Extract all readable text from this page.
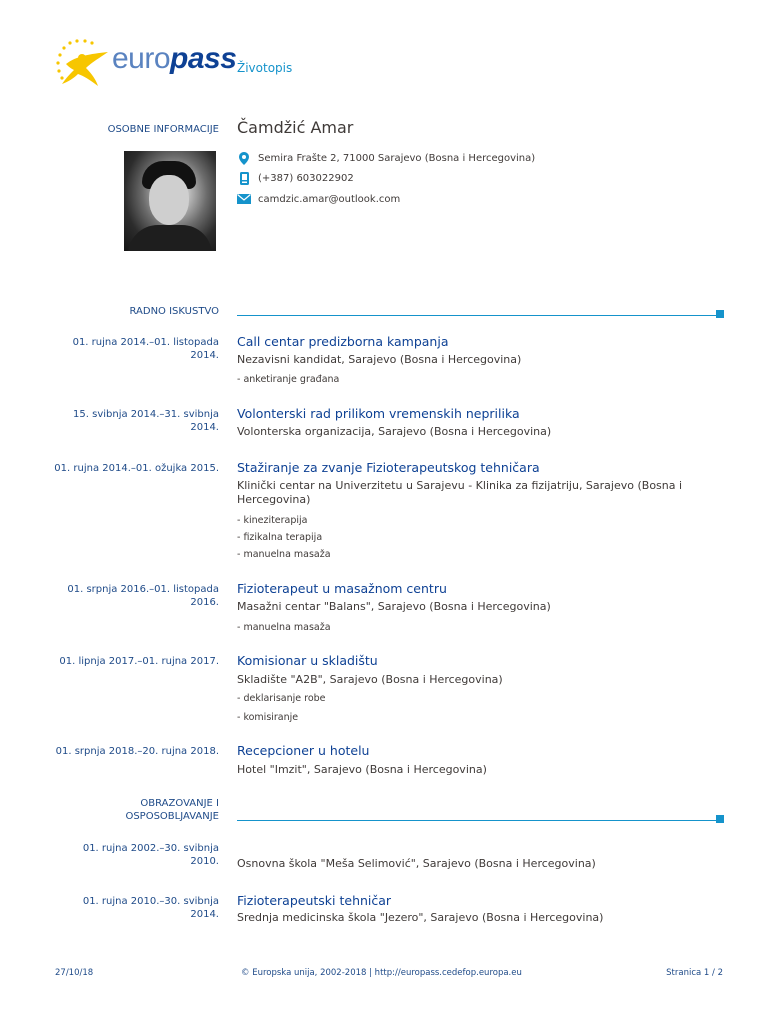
europass Životopis
OSOBNE INFORMACIJE Čamdžić Amar
Semira Frašte 2, 71000 Sarajevo (Bosna i Hercegovina)
(+387) 603022902
camdzic.amar@outlook.com
RADNO ISKUSTVO
01. rujna 2014.–01. listopada 2014.
Call centar predizborna kampanja
Nezavisni kandidat, Sarajevo (Bosna i Hercegovina)
- anketiranje građana
15. svibnja 2014.–31. svibnja 2014.
Volonterski rad prilikom vremenskih neprilika
Volonterska organizacija, Sarajevo (Bosna i Hercegovina)
01. rujna 2014.–01. ožujka 2015. Stažiranje za zvanje Fizioterapeutskog tehničara
Klinički centar na Univerzitetu u Sarajevu - Klinika za fizijatriju, Sarajevo (Bosna i Hercegovina)
- kineziterapija
- fizikalna terapija
- manuelna masaža
01. srpnja 2016.–01. listopada 2016.
Fizioterapeut u masažnom centru
Masažni centar "Balans", Sarajevo (Bosna i Hercegovina)
- manuelna masaža
01. lipnja 2017.–01. rujna 2017. Komisionar u skladištu
Skladište "A2B", Sarajevo (Bosna i Hercegovina)
- deklarisanje robe
- komisiranje
01. srpnja 2018.–20. rujna 2018. Recepcioner u hotelu
Hotel "Imzit", Sarajevo (Bosna i Hercegovina)
OBRAZOVANJE I OSPOSOBLJAVANJE
01. rujna 2002.–30. svibnja 2010. Osnovna škola "Meša Selimović", Sarajevo (Bosna i Hercegovina)
01. rujna 2010.–30. svibnja 2014.
Fizioterapeutski tehničar
Srednja medicinska škola "Jezero", Sarajevo (Bosna i Hercegovina)
27/10/18	© Europska unija, 2002-2018 | http://europass.cedefop.europa.eu	Stranica 1 / 2
